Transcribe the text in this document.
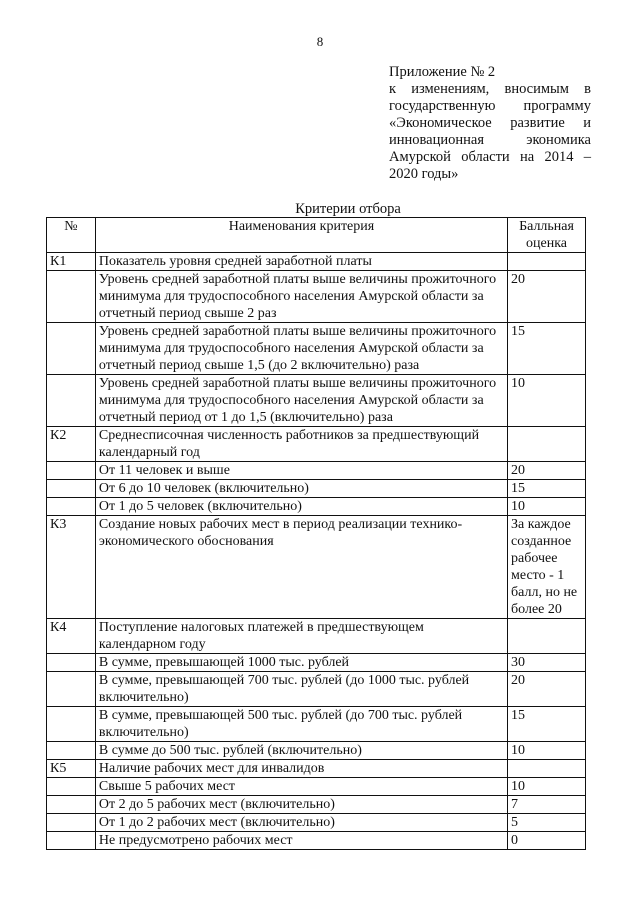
8
Приложение № 2
к изменениям, вносимым в
государственную программу
«Экономическое развитие и
инновационная экономика
Амурской области на 2014 –
2020 годы»
Критерии отбора
№	Наименования критерия	Балльная оценка
К1	Показатель уровня средней заработной платы	
	Уровень средней заработной платы выше величины прожиточного минимума для трудоспособного населения Амурской области за отчетный период свыше 2 раз	20
	Уровень средней заработной платы выше величины прожиточного минимума для трудоспособного населения Амурской области за отчетный период свыше 1,5 (до 2 включительно) раза	15
	Уровень средней заработной платы выше величины прожиточного минимума для трудоспособного населения Амурской области за отчетный период от 1 до 1,5 (включительно) раза	10
К2	Среднесписочная численность работников за предшествующий календарный год	
	От 11 человек и выше	20
	От 6 до 10 человек (включительно)	15
	От 1 до 5 человек (включительно)	10
К3	Создание новых рабочих мест в период реализации технико-экономического обоснования	За каждое созданное рабочее место - 1 балл, но не более 20
К4	Поступление налоговых платежей в предшествующем календарном году	
	В сумме, превышающей 1000 тыс. рублей	30
	В сумме, превышающей 700 тыс. рублей (до 1000 тыс. рублей включительно)	20
	В сумме, превышающей 500 тыс. рублей (до 700 тыс. рублей включительно)	15
	В сумме до 500 тыс. рублей (включительно)	10
К5	Наличие рабочих мест для инвалидов	
	Свыше 5 рабочих мест	10
	От 2 до 5 рабочих мест (включительно)	7
	От 1 до 2 рабочих мест (включительно)	5
	Не предусмотрено рабочих мест	0
